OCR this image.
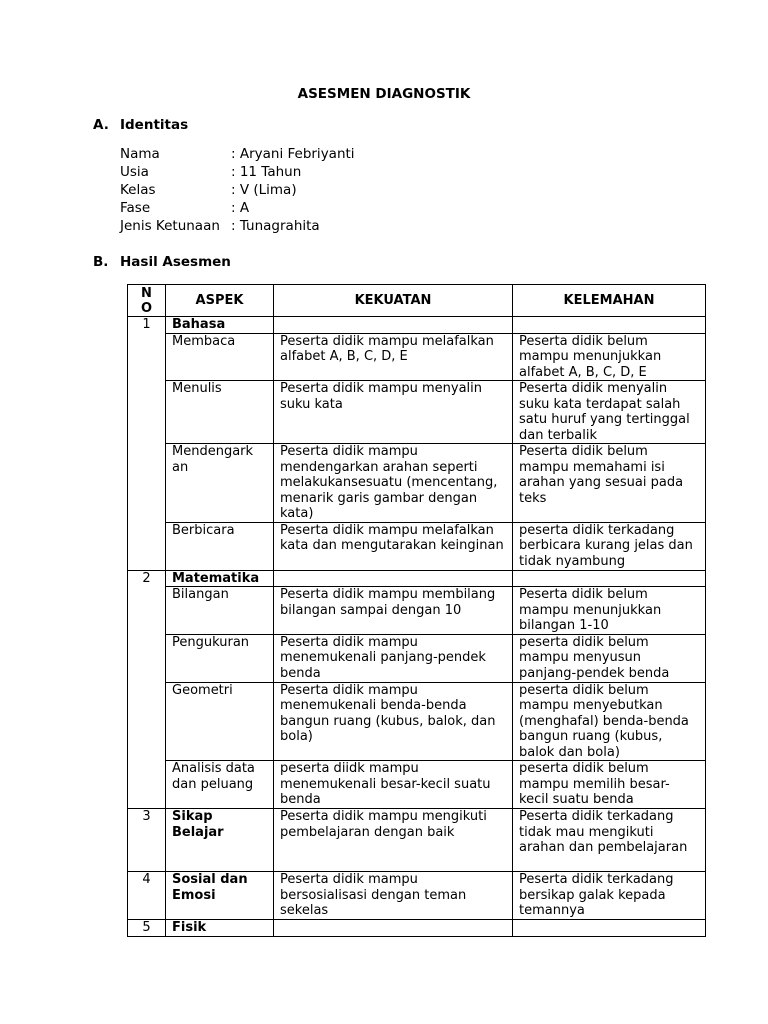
ASESMEN DIAGNOSTIK
A. Identitas
Nama	: Aryani Febriyanti
Usia	: 11 Tahun
Kelas	: V (Lima)
Fase	: A
Jenis Ketunaan : Tunagrahita
B. Hasil Asesmen
N O	ASPEK	KEKUATAN	KELEMAHAN
1	Bahasa		
	Membaca	Peserta didik mampu melafalkan alfabet A, B, C, D, E	Peserta didik belum mampu menunjukkan alfabet A, B, C, D, E
	Menulis	Peserta didik mampu menyalin suku kata	Peserta didik menyalin suku kata terdapat salah satu huruf yang tertinggal dan terbalik
	Mendengark an	Peserta didik mampu mendengarkan arahan seperti melakukansesuatu (mencentang, menarik garis gambar dengan kata)	Peserta didik belum mampu memahami isi arahan yang sesuai pada teks
	Berbicara	Peserta didik mampu melafalkan kata dan mengutarakan keinginan	peserta didik terkadang berbicara kurang jelas dan tidak nyambung
2	Matematika		
	Bilangan	Peserta didik mampu membilang bilangan sampai dengan 10	Peserta didik belum mampu menunjukkan bilangan 1-10
	Pengukuran	Peserta didik mampu menemukenali panjang-pendek benda	peserta didik belum mampu menyusun panjang-pendek benda
	Geometri	Peserta didik mampu menemukenali benda-benda bangun ruang (kubus, balok, dan bola)	peserta didik belum mampu menyebutkan (menghafal) benda-benda bangun ruang (kubus, balok dan bola)
	Analisis data dan peluang	peserta diidk mampu menemukenali besar-kecil suatu benda	peserta didik belum mampu memilih besar-kecil suatu benda
3	Sikap Belajar	Peserta didik mampu mengikuti pembelajaran dengan baik	Peserta didik terkadang tidak mau mengikuti arahan dan pembelajaran
4	Sosial dan Emosi	Peserta didik mampu bersosialisasi dengan teman sekelas	Peserta didik terkadang bersikap galak kepada temannya
5	Fisik		
